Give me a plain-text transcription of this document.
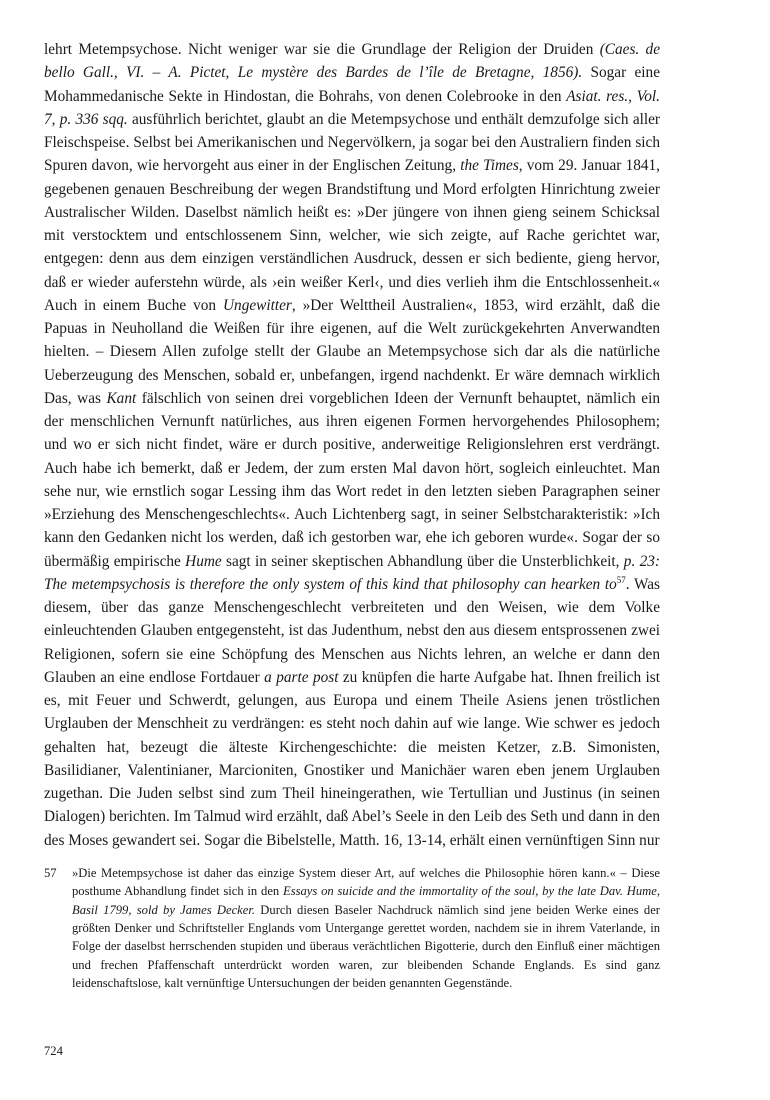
lehrt Metempsychose. Nicht weniger war sie die Grundlage der Religion der Druiden (Caes. de bello Gall., VI. – A. Pictet, Le mystère des Bardes de l’île de Bretagne, 1856). Sogar eine Mohammedanische Sekte in Hindostan, die Bohrahs, von denen Colebrooke in den Asiat. res., Vol. 7, p. 336 sqq. ausführlich berichtet, glaubt an die Metempsychose und enthält demzufolge sich aller Fleischspeise. Selbst bei Amerikanischen und Negervölkern, ja sogar bei den Australiern finden sich Spuren davon, wie hervorgeht aus einer in der Englischen Zeitung, the Times, vom 29. Januar 1841, gegebenen genauen Beschreibung der wegen Brandstiftung und Mord erfolgten Hinrichtung zweier Australischer Wilden. Daselbst nämlich heißt es: »Der jüngere von ihnen gieng seinem Schicksal mit verstocktem und entschlossenem Sinn, welcher, wie sich zeigte, auf Rache gerichtet war, entgegen: denn aus dem einzigen verständlichen Ausdruck, dessen er sich bediente, gieng hervor, daß er wieder auferstehn würde, als ›ein weißer Kerl‹, und dies verlieh ihm die Entschlossenheit.« Auch in einem Buche von Ungewitter, »Der Welttheil Australien«, 1853, wird erzählt, daß die Papuas in Neuholland die Weißen für ihre eigenen, auf die Welt zurückgekehrten Anverwandten hielten. – Diesem Allen zufolge stellt der Glaube an Metempsychose sich dar als die natürliche Ueberzeugung des Menschen, sobald er, unbefangen, irgend nachdenkt. Er wäre demnach wirklich Das, was Kant fälschlich von seinen drei vorgeblichen Ideen der Vernunft behauptet, nämlich ein der menschlichen Vernunft natürliches, aus ihren eigenen Formen hervorgehendes Philosophem; und wo er sich nicht findet, wäre er durch positive, anderweitige Religionslehren erst verdrängt. Auch habe ich bemerkt, daß er Jedem, der zum ersten Mal davon hört, sogleich einleuchtet. Man sehe nur, wie ernstlich sogar Lessing ihm das Wort redet in den letzten sieben Paragraphen seiner »Erziehung des Menschengeschlechts«. Auch Lichtenberg sagt, in seiner Selbstcharakteristik: »Ich kann den Gedanken nicht los werden, daß ich gestorben war, ehe ich geboren wurde«. Sogar der so übermäßig empirische Hume sagt in seiner skeptischen Abhandlung über die Unsterblichkeit, p. 23: The metempsychosis is therefore the only system of this kind that philosophy can hearken $to^{57}$. Was diesem, über das ganze Menschengeschlecht verbreiteten und den Weisen, wie dem Volke einleuchtenden Glauben entgegensteht, ist das Judenthum, nebst den aus diesem entsprossenen zwei Religionen, sofern sie eine Schöpfung des Menschen aus Nichts lehren, an welche er dann den Glauben an eine endlose Fortdauer a parte post zu knüpfen die harte Aufgabe hat. Ihnen freilich ist es, mit Feuer und Schwerdt, gelungen, aus Europa und einem Theile Asiens jenen tröstlichen Urglauben der Menschheit zu verdrängen: es steht noch dahin auf wie lange. Wie schwer es jedoch gehalten hat, bezeugt die älteste Kirchengeschichte: die meisten Ketzer, z.B. Simonisten, Basilidianer, Valentinianer, Marcioniten, Gnostiker und Manichäer waren eben jenem Urglauben zugethan. Die Juden selbst sind zum Theil hineingerathen, wie Tertullian und Justinus (in seinen Dialogen) berichten. Im Talmud wird erzählt, daß Abel’s Seele in den Leib des Seth und dann in den des Moses gewandert sei. Sogar die Bibelstelle, Matth. 16, 13-14, erhält einen vernünftigen Sinn nur

57	»Die Metempsychose ist daher das einzige System dieser Art, auf welches die Philosophie hören kann.« – Diese posthume Abhandlung findet sich in den Essays on suicide and the immortality of the soul, by the late Dav. Hume, Basil 1799, sold by James Decker. Durch diesen Baseler Nachdruck nämlich sind jene beiden Werke eines der größten Denker und Schriftsteller Englands vom Untergange gerettet worden, nachdem sie in ihrem Vaterlande, in Folge der daselbst herrschenden stupiden und überaus verächtlichen Bigotterie, durch den Einfluß einer mächtigen und frechen Pfaffenschaft unterdrückt worden waren, zur bleibenden Schande Englands. Es sind ganz leidenschaftslose, kalt vernünftige Untersuchungen der beiden genannten Gegenstände.
724
